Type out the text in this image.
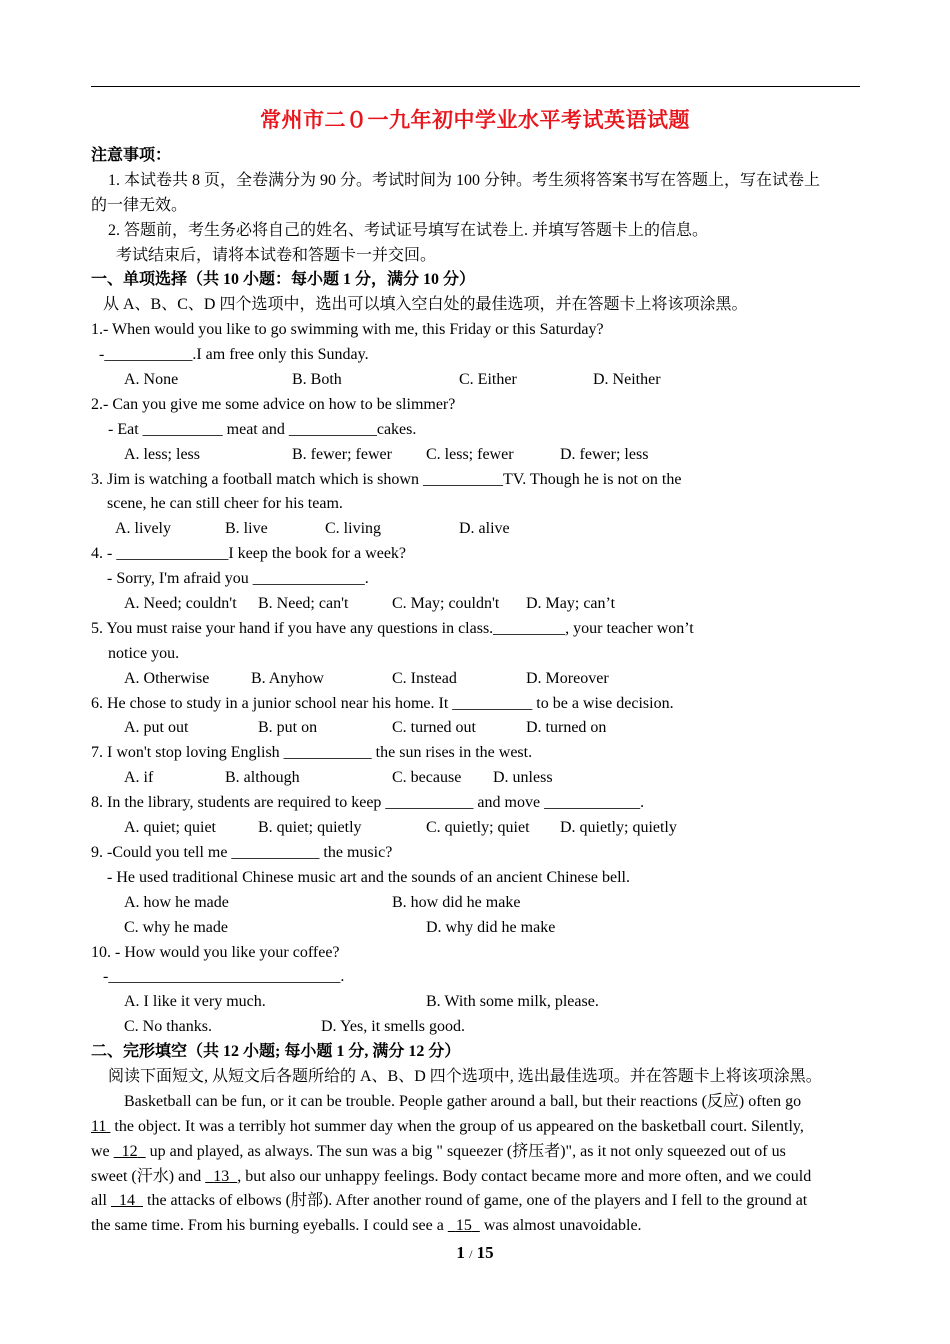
常州市二０一九年初中学业水平考试英语试题
注意事项：
1. 本试卷共 8 页，全卷满分为 90 分。考试时间为 100 分钟。考生须将答案书写在答题上，写在试卷上
的一律无效。
2. 答题前，考生务必将自己的姓名、考试证号填写在试卷上. 并填写答题卡上的信息。
考试结束后，请将本试卷和答题卡一并交回。
一、单项选择（共 10 小题：每小题 1 分，满分 10 分）
从 A、B、C、D 四个选项中，选出可以填入空白处的最佳选项，并在答题卡上将该项涂黑。
1.- When would you like to go swimming with me, this Friday or this Saturday?
-___________.I am free only this Sunday.

A. None

	B. Both

	C. Either

	D. Neither

2.- Can you give me some advice on how to be slimmer?
- Eat __________ meat and ___________cakes.

A. less; less

	B. fewer; fewer

C. less; fewer

	D. fewer; less

3. Jim is watching a football match which is shown __________TV. Though he is not on the
scene, he can still cheer for his team.

A. lively

	B. live

	C. living

	D. alive

4. - ______________I keep the book for a week?
- Sorry, I'm afraid you ______________.

A. Need; couldn't

B. Need; can't

	C. May; couldn't

D. May; can’t

5. You must raise your hand if you have any questions in class._________, your teacher won’t
notice you.

A. Otherwise

	B. Anyhow

	C. Instead

	D. Moreover

6. He chose to study in a junior school near his home. It __________ to be a wise decision.

A. put out

	B. put on

	C. turned out

	D. turned on

7. I won't stop loving English ___________ the sun rises in the west.

A. if

	B. although

	C. because

D. unless

8. In the library, students are required to keep ___________ and move ____________.

A. quiet; quiet

	B. quiet; quietly

	C. quietly; quiet

D. quietly; quietly

9. -Could you tell me ___________ the music?
- He used traditional Chinese music art and the sounds of an ancient Chinese bell.

A. how he made

	B. how did he make

C. why he made

	D. why did he make

10. - How would you like your coffee?
-_____________________________.

A. I like it very much.

	B. With some milk, please.

C. No thanks.

	D. Yes, it smells good.

二、完形填空（共 12 小题; 每小题 1 分, 满分 12 分）
阅读下面短文, 从短文后各题所给的 A、B、D 四个选项中, 选出最佳选项。并在答题卡上将该项涂黑。
Basketball can be fun, or it can be trouble. People gather around a ball, but their reactions (反应) often go
11  the object. It was a terribly hot summer day when the group of us appeared on the basketball court. Silently,
we   12   up and played, as always. The sun was a big " squeezer (挤压者)", as it not only squeezed out of us
sweet (汗水) and   13 , but also our unhappy feelings. Body contact became more and more often, and we could
all   14   the attacks of elbows (肘部). After another round of game, one of the players and I fell to the ground at
the same time. From his burning eyeballs. I could see a   15   was almost unavoidable.
1 / 15
